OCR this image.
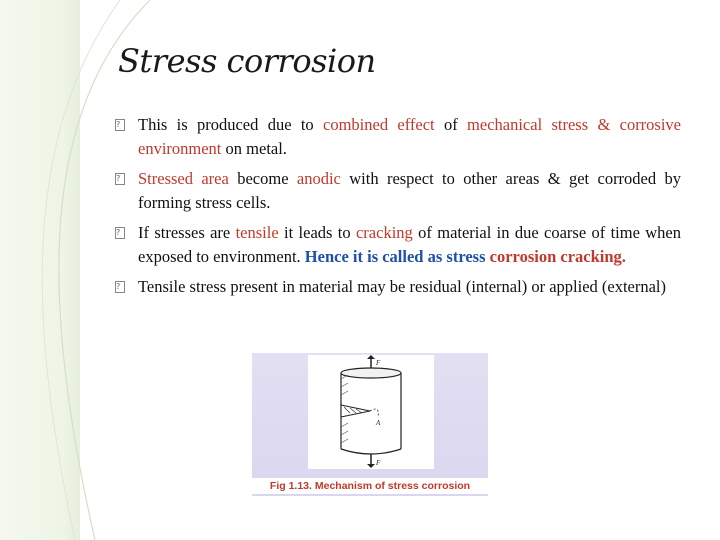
Stress corrosion
? This is produced due to combined effect of mechanical stress & corrosive environment on metal.
? Stressed area become anodic with respect to other areas & get corroded by forming stress cells.
? If stresses are tensile it leads to cracking of material in due coarse of time when exposed to environment. Hence it is called as stress corrosion cracking.
? Tensile stress present in material may be residual (internal) or applied (external)
F
A
F
Fig 1.13. Mechanism of stress corrosion
